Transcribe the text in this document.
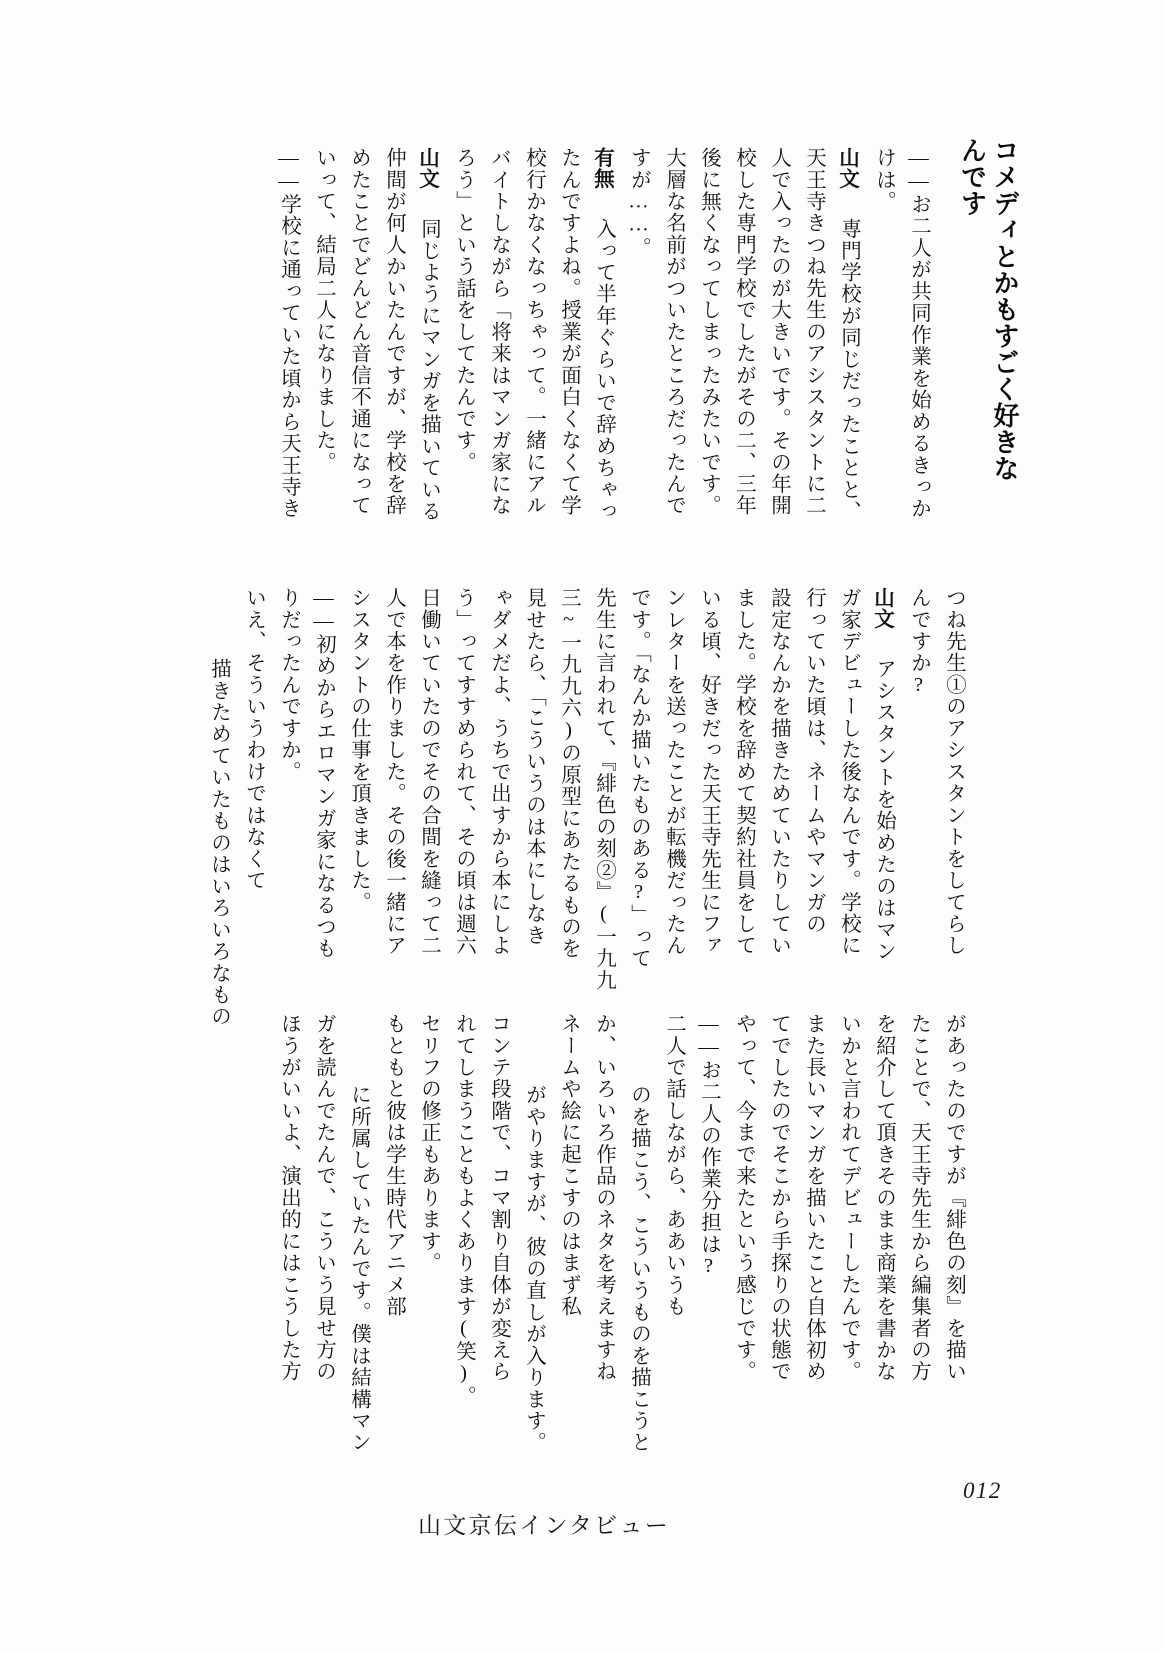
コメディとかもすごく好きなんです
――お二人が共同作業を始めるきっか
けは。
山文
専門学校が同じだったことと、
天王寺きつね先生のアシスタントに二
人で入ったのが大きいです。その年開
校した専門学校でしたがその二、三年
後に無くなってしまったみたいです。
大層な名前がついたところだったんで
すが……。
有無
入って半年ぐらいで辞めちゃっ
たんですよね。授業が面白くなくて学
校行かなくなっちゃって。一緒にアル
バイトしながら「将来はマンガ家にな
ろう」という話をしてたんです。
山文
同じようにマンガを描いている
仲間が何人かいたんですが、学校を辞
めたことでどんどん音信不通になって
いって、結局二人になりました。
――学校に通っていた頃から天王寺き
つね先生①のアシスタントをしてらし
んですか?
山文
アシスタントを始めたのはマン
ガ家デビューした後なんです。学校に
行っていた頃は、ネームやマンガの
設定なんかを描きためていたりしてい
ました。学校を辞めて契約社員をして
いる頃、好きだった天王寺先生にファ
ンレターを送ったことが転機だったん
です。「なんか描いたものある?」って
先生に言われて、『緋色の刻②』(一九九
三~一九九六)の原型にあたるものを
見せたら、「こういうのは本にしなき
ゃダメだよ、うちで出すから本にしよ
う」ってすすめられて、その頃は週六
日働いていたのでその合間を縫って二
人で本を作りました。その後一緒にア
シスタントの仕事を頂きました。
――初めからエロマンガ家になるつも
りだったんですか。
いえ、そういうわけではなくて
描きためていたものはいろいろなもの
があったのですが『緋色の刻』を描い
たことで、天王寺先生から編集者の方
を紹介して頂きそのまま商業を書かな
いかと言われてデビューしたんです。
また長いマンガを描いたこと自体初め
てでしたのでそこから手探りの状態で
やって、今まで来たという感じです。
――お二人の作業分担は?
二人で話しながら、ああいうも
のを描こう、こういうものを描こうと
か、いろいろ作品のネタを考えますね
ネームや絵に起こすのはまず私
がやりますが、彼の直しが入ります。
コンテ段階で、コマ割り自体が変えら
れてしまうこともよくあります(笑)。
セリフの修正もあります。
もともと彼は学生時代アニメ部
に所属していたんです。僕は結構マン
ガを読んでたんで、こういう見せ方の
ほうがいいよ、演出的にはこうした方
山文京伝インタビュー
012
